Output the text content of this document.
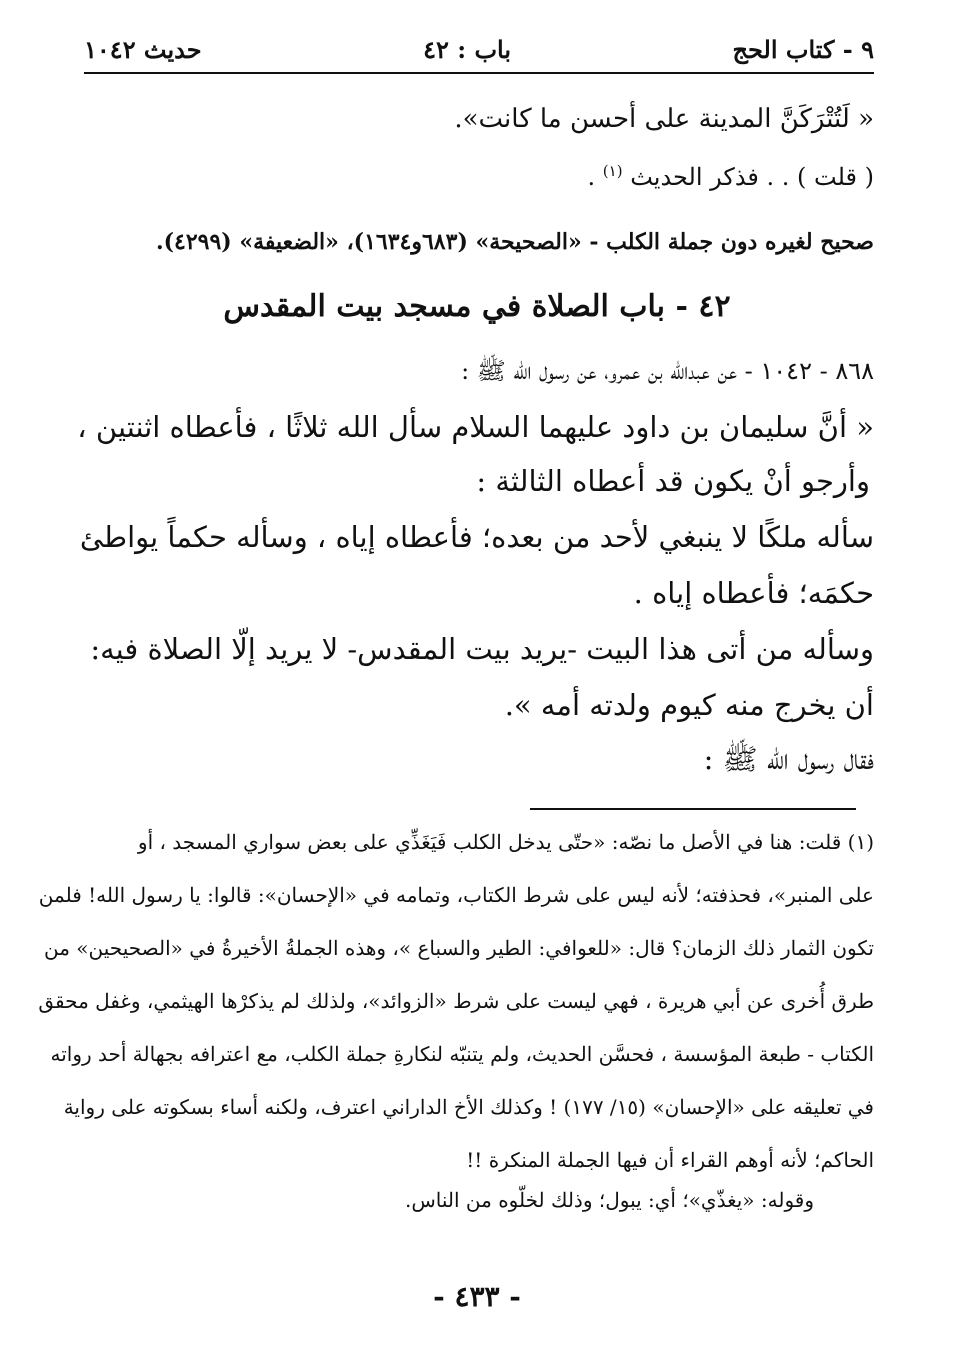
٩ - كتاب الحج
باب : ٤٢
حديث ١٠٤٢
« لَتُتْرَكَنَّ المدينة على أحسن ما كانت».
( قلت ) . . فذكر الحديث $^{(١)}$ .
صحيح لغيره دون جملة الكلب - «الصحيحة» (٦٨٣و١٦٣٤)، «الضعيفة» (٤٢٩٩).
٤٢ - باب الصلاة في مسجد بيت المقدس
٨٦٨ - ١٠٤٢ - عن عبدالله بن عمرو، عن رسول الله ﷺ :
« أنَّ سليمان بن داود عليهما السلام سأل الله ثلاثًا ، فأعطاه اثنتين ،
وأرجو أنْ يكون قد أعطاه الثالثة :
سأله ملكًا لا ينبغي لأحد من بعده؛ فأعطاه إياه ، وسأله حكماً يواطئ
حكمَه؛ فأعطاه إياه .
وسأله من أتى هذا البيت -يريد بيت المقدس- لا يريد إلّا الصلاة فيه:
أن يخرج منه كيوم ولدته أمه ».
فقال رسول الله ﷺ :
(١) قلت: هنا في الأصل ما نصّه: «حتّى يدخل الكلب فَيَغَذِّي على بعض سواري المسجد ، أو
على المنبر»، فحذفته؛ لأنه ليس على شرط الكتاب، وتمامه في «الإحسان»: قالوا: يا رسول الله! فلمن
تكون الثمار ذلك الزمان؟ قال: «للعوافي: الطير والسباع »، وهذه الجملةُ الأخيرةُ في «الصحيحين» من
طرق أُخرى عن أبي هريرة ، فهي ليست على شرط «الزوائد»، ولذلك لم يذكرْها الهيثمي، وغفل محقق
الكتاب - طبعة المؤسسة ، فحسَّن الحديث، ولم يتنبّه لنكارةِ جملة الكلب، مع اعترافه بجهالة أحد رواته
في تعليقه على «الإحسان» (١٥/ ١٧٧) ! وكذلك الأخ الداراني اعترف، ولكنه أساء بسكوته على رواية
الحاكم؛ لأنه أوهم القراء أن فيها الجملة المنكرة !!
وقوله: «يغذّي»؛ أي: يبول؛ وذلك لخلّوه من الناس.
- ٤٣٣ -
